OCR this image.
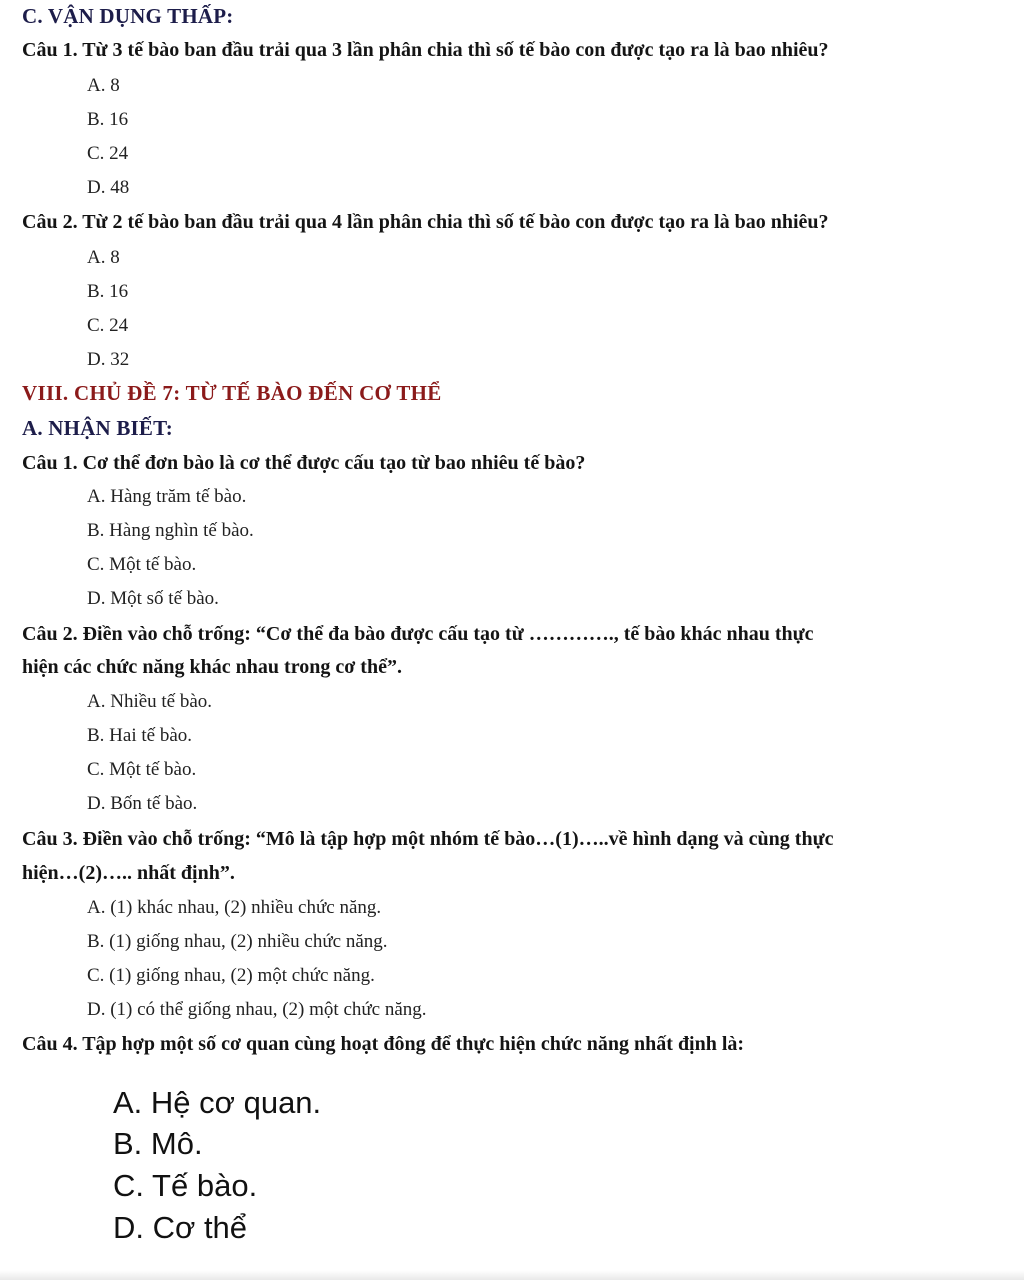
C. VẬN DỤNG THẤP:
Câu 1. Từ 3 tế bào ban đầu trải qua 3 lần phân chia thì số tế bào con được tạo ra là bao nhiêu?
A. 8
B. 16
C. 24
D. 48
Câu 2. Từ 2 tế bào ban đầu trải qua 4 lần phân chia thì số tế bào con được tạo ra là bao nhiêu?
A. 8
B. 16
C. 24
D. 32
VIII. CHỦ ĐỀ 7: TỪ TẾ BÀO ĐẾN CƠ THỂ
A. NHẬN BIẾT:
Câu 1. Cơ thể đơn bào là cơ thể được cấu tạo từ bao nhiêu tế bào?
A. Hàng trăm tế bào.
B. Hàng nghìn tế bào.
C. Một tế bào.
D. Một số tế bào.
Câu 2. Điền vào chỗ trống: “Cơ thể đa bào được cấu tạo từ …………., tế bào khác nhau thực
hiện các chức năng khác nhau trong cơ thể”.
A. Nhiều tế bào.
B. Hai tế bào.
C. Một tế bào.
D. Bốn tế bào.
Câu 3. Điền vào chỗ trống: “Mô là tập hợp một nhóm tế bào…(1)…..về hình dạng và cùng thực
hiện…(2)….. nhất định”.
A. (1) khác nhau, (2) nhiều chức năng.
B. (1) giống nhau, (2) nhiều chức năng.
C. (1) giống nhau, (2) một chức năng.
D. (1) có thể giống nhau, (2) một chức năng.
Câu 4. Tập hợp một số cơ quan cùng hoạt đông để thực hiện chức năng nhất định là:
A. Hệ cơ quan.
B. Mô.
C. Tế bào.
D. Cơ thể
